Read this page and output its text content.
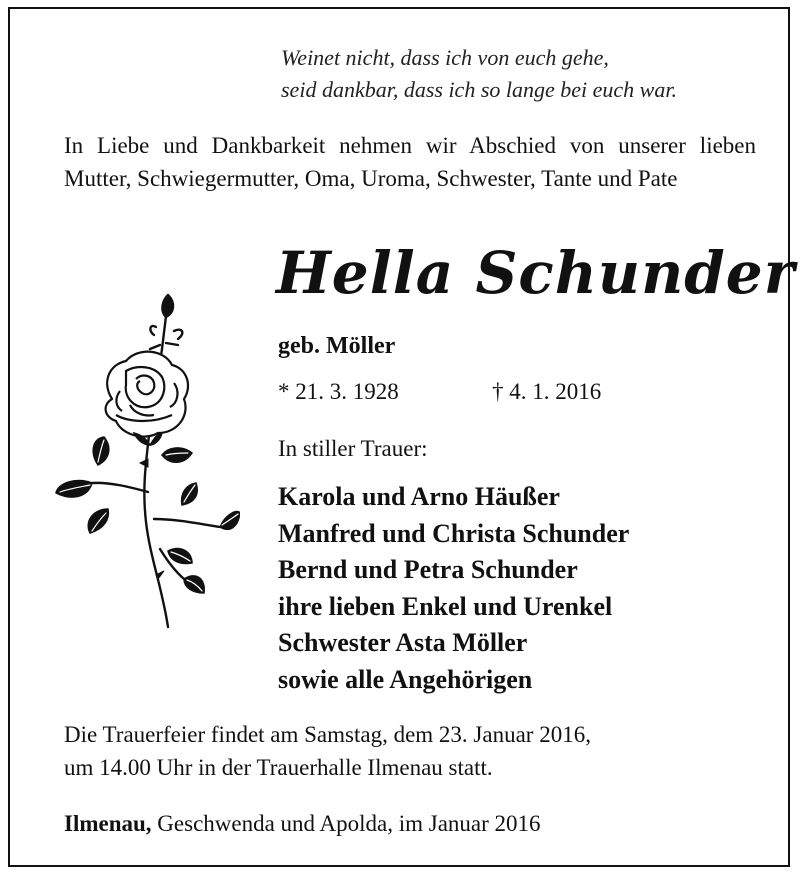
Weinet nicht, dass ich von euch gehe,
seid dankbar, dass ich so lange bei euch war.
In Liebe und Dankbarkeit nehmen wir Abschied von unserer lieben Mutter, Schwiegermutter, Oma, Uroma, Schwester, Tante und Pate
Hella Schunder
geb. Möller
* 21. 3. 1928	† 4. 1. 2016
In stiller Trauer:
Karola und Arno Häußer
Manfred und Christa Schunder
Bernd und Petra Schunder
ihre lieben Enkel und Urenkel
Schwester Asta Möller
sowie alle Angehörigen
Die Trauerfeier findet am Samstag, dem 23. Januar 2016,
um 14.00 Uhr in der Trauerhalle Ilmenau statt.
Ilmenau, Geschwenda und Apolda, im Januar 2016
